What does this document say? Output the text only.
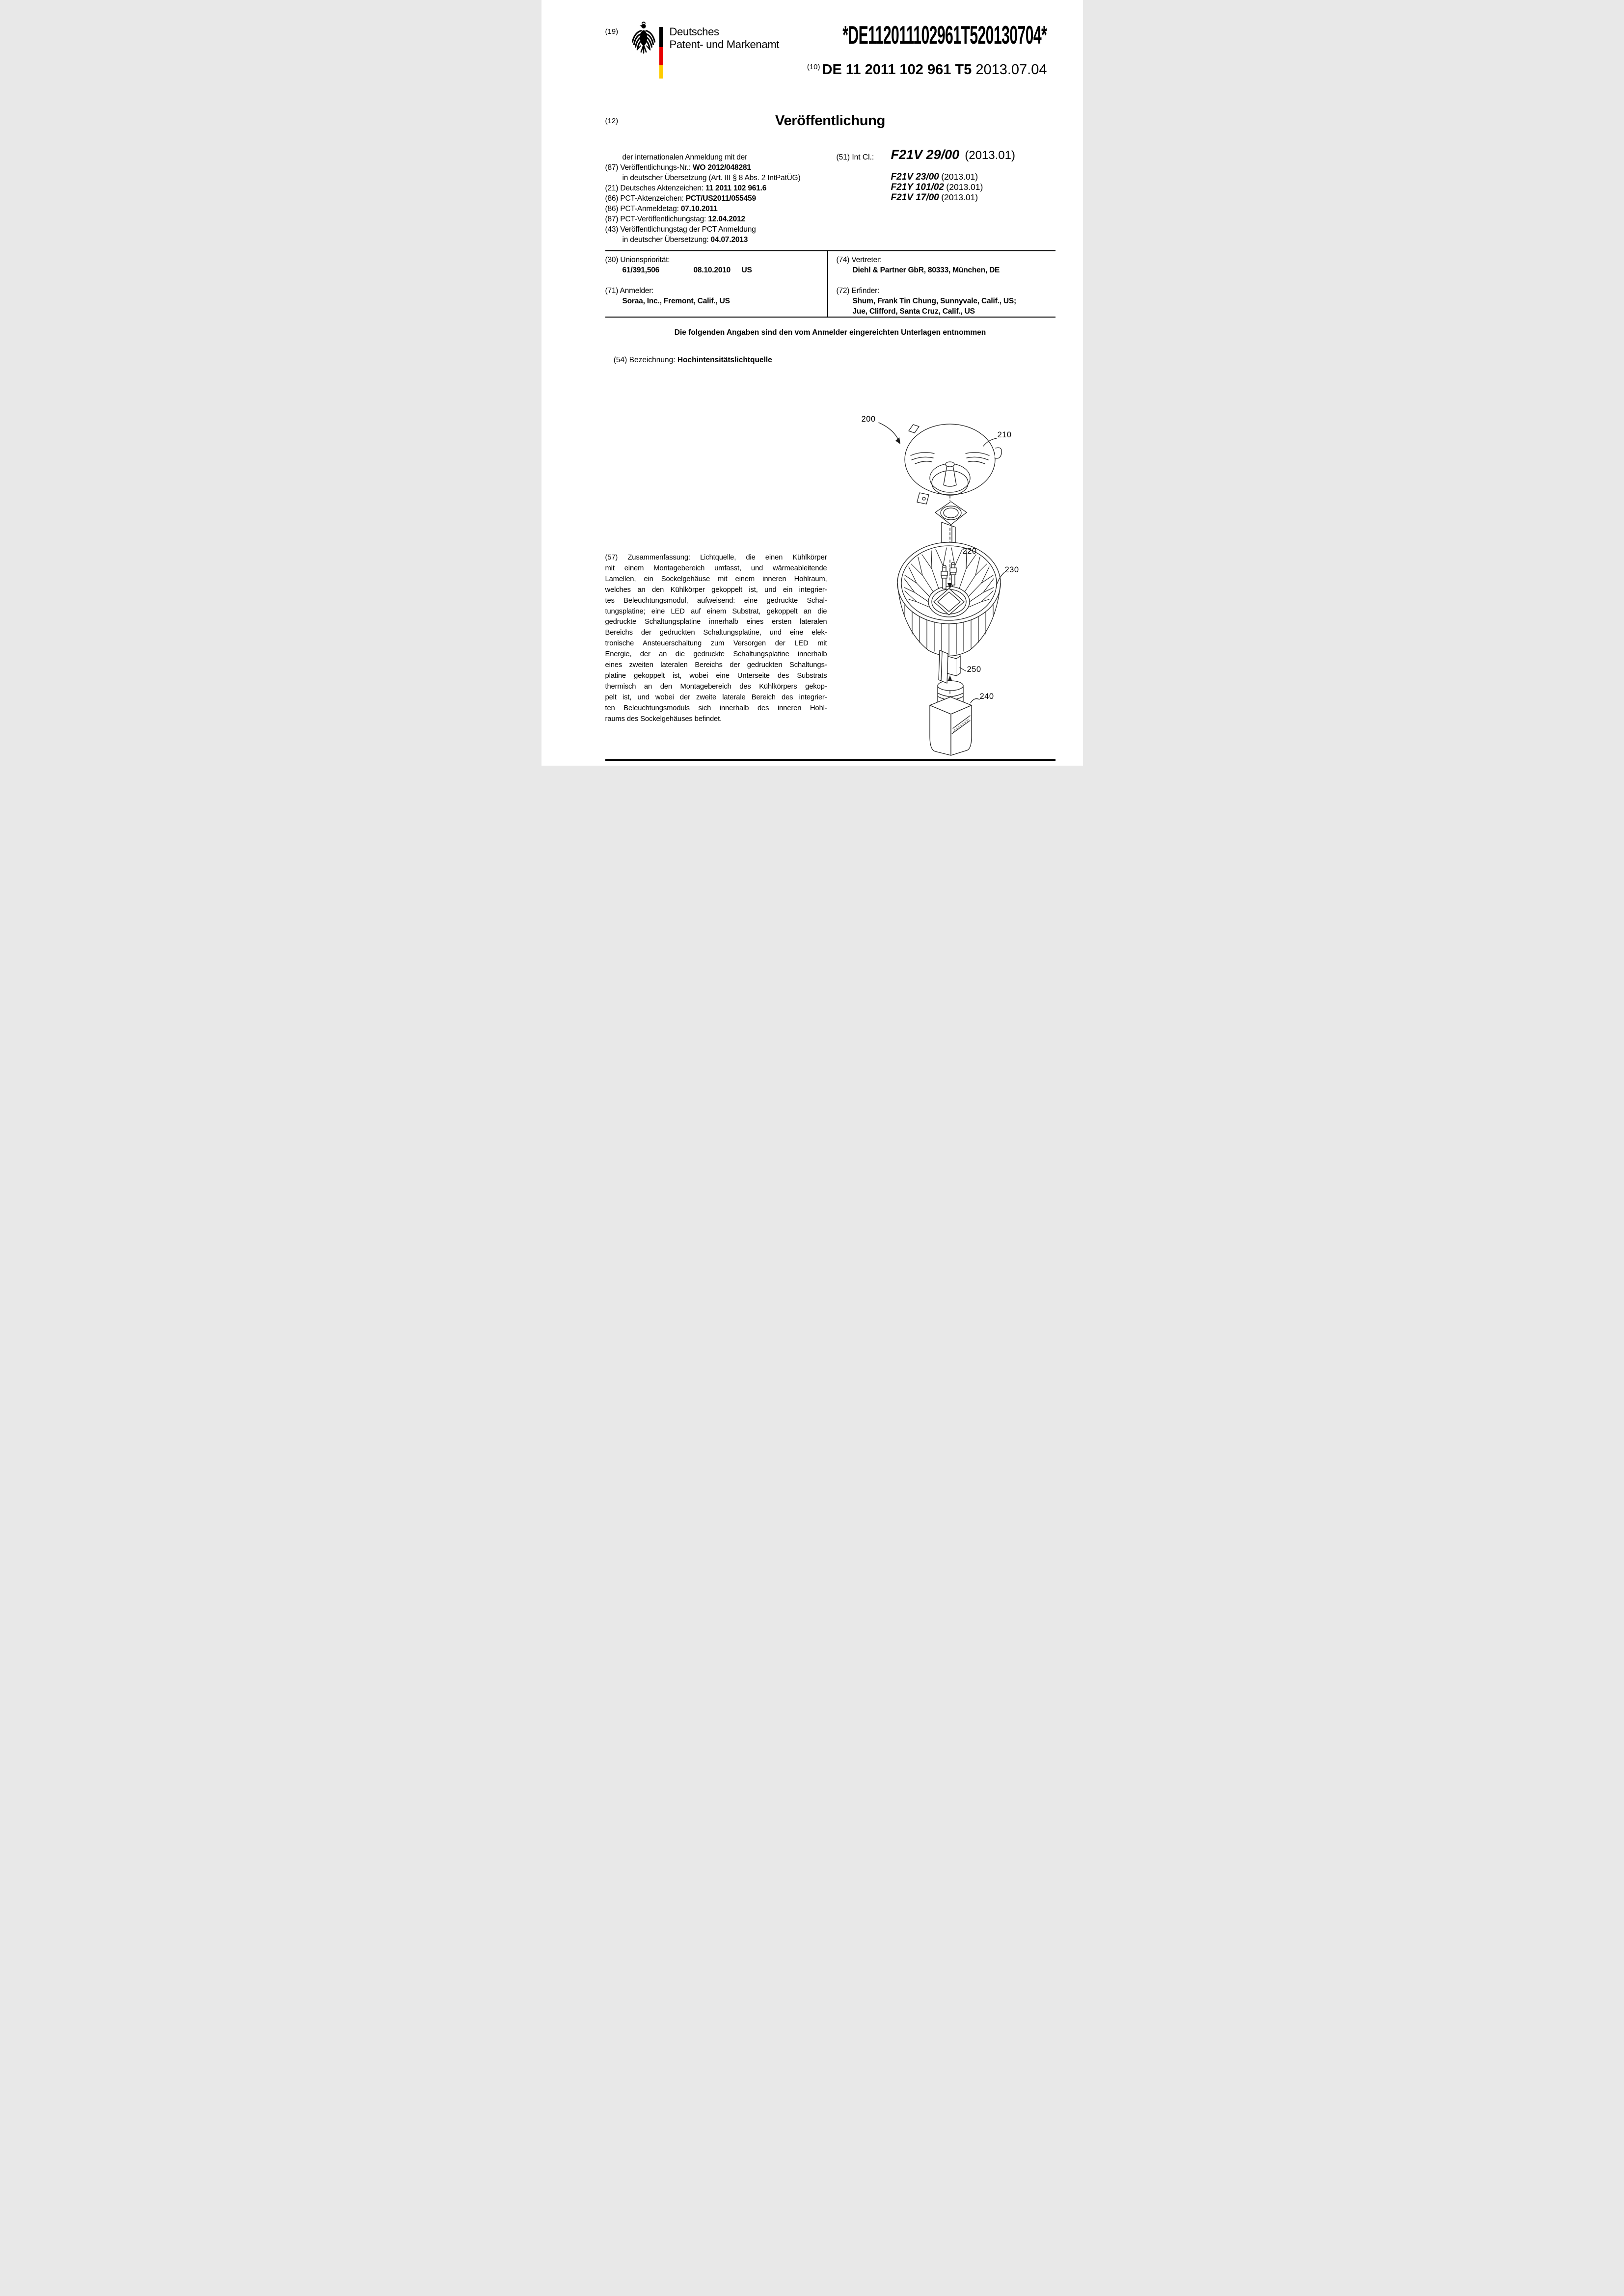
(19)	Deutsches
Patent- und Markenamt *DE112011102961T520130704*
$^{(10)}$ DE 11 2011 102 961 T5 2013.07.04
(12)	Veröffentlichung
der internationalen Anmeldung mit der
(87) Veröffentlichungs-Nr.: WO 2012/048281
in deutscher Übersetzung (Art. III § 8 Abs. 2 IntPatÜG)
(21) Deutsches Aktenzeichen: 11 2011 102 961.6
(86) PCT-Aktenzeichen: PCT/US2011/055459
(86) PCT-Anmeldetag: 07.10.2011
(87) PCT-Veröffentlichungstag: 12.04.2012
(43) Veröffentlichungstag der PCT Anmeldung
in deutscher Übersetzung: 04.07.2013
(51) Int Cl.: F21V 29/00 (2013.01)
F21V 23/00 (2013.01)
F21Y 101/02 (2013.01)
F21V 17/00 (2013.01)
(30) Unionspriorität:
61/391,506	08.10.2010 US
(71) Anmelder:
Soraa, Inc., Fremont, Calif., US
(74) Vertreter:
Diehl & Partner GbR, 80333, München, DE
(72) Erfinder:
Shum, Frank Tin Chung, Sunnyvale, Calif., US;
Jue, Clifford, Santa Cruz, Calif., US
Die folgenden Angaben sind den vom Anmelder eingereichten Unterlagen entnommen

(54) Bezeichnung: Hochintensitätslichtquelle

(57) Zusammenfassung: Lichtquelle, die einen Kühlkörper
mit einem Montagebereich umfasst, und wärmeableitende
Lamellen, ein Sockelgehäuse mit einem inneren Hohlraum,
welches an den Kühlkörper gekoppelt ist, und ein integrier-
tes Beleuchtungsmodul, aufweisend: eine gedruckte Schal-
tungsplatine; eine LED auf einem Substrat, gekoppelt an die
gedruckte Schaltungsplatine innerhalb eines ersten lateralen
Bereichs der gedruckten Schaltungsplatine, und eine elek-
tronische Ansteuerschaltung zum Versorgen der LED mit
Energie, der an die gedruckte Schaltungsplatine innerhalb
eines zweiten lateralen Bereichs der gedruckten Schaltungs-
platine gekoppelt ist, wobei eine Unterseite des Substrats
thermisch an den Montagebereich des Kühlkörpers gekop-
pelt ist, und wobei der zweite laterale Bereich des integrier-
ten Beleuchtungsmoduls sich innerhalb des inneren Hohl-
raums des Sockelgehäuses befindet.
200
210
220
230
250
240
